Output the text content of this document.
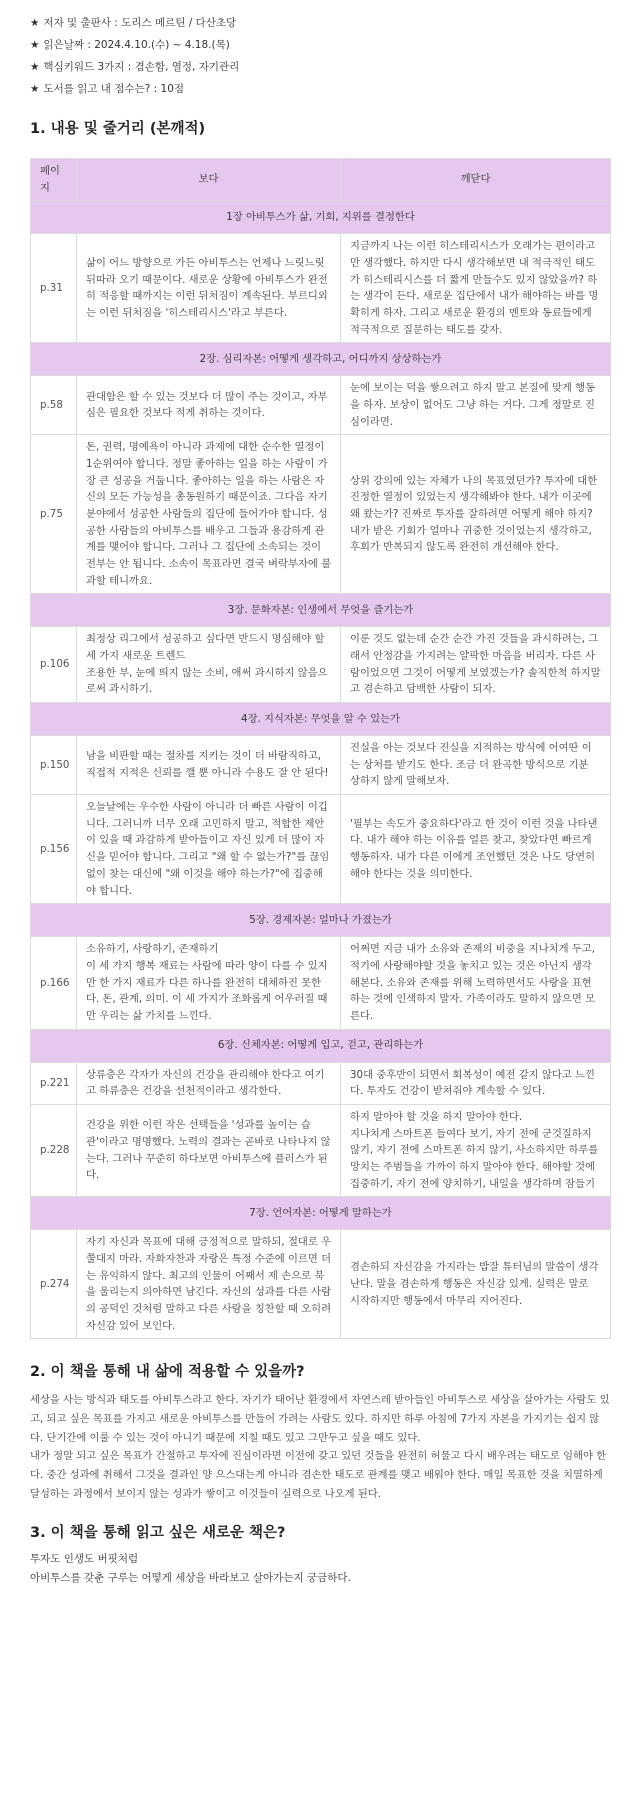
★ 저자 및 출판사 : 도리스 메르틴 / 다산초당
★ 읽은날짜 : 2024.4.10.(수) ~ 4.18.(목)
★ 핵심키워드 3가지 : 겸손함, 열정, 자기관리
★ 도서를 읽고 내 점수는? : 10점
1. 내용 및 줄거리 (본깨적)
페이지	보다	깨닫다
1장 아비투스가 삶, 기회, 지위를 결정한다		
p.31	삶이 어느 방향으로 가든 아비투스는 언제나 느릿느릿 뒤따라 오기 때문이다. 새로운 상황에 아비투스가 완전히 적응할 때까지는 이런 뒤처짐이 계속된다. 부르디외는 이런 뒤처짐을 '히스테리시스'라고 부른다.	지금까지 나는 이런 히스테리시스가 오래가는 편이라고만 생각했다. 하지만 다시 생각해보면 내 적극적인 태도가 히스테리시스를 더 짧게 만들수도 있지 않았을까? 하는 생각이 든다. 새로운 집단에서 내가 해야하는 바를 명확히게 하자. 그리고 새로운 환경의 멘토와 동료들에게 적극적으로 질문하는 태도를 갖자.
2장. 심리자본: 어떻게 생각하고, 어디까지 상상하는가		
p.58	관대함은 할 수 있는 것보다 더 많이 주는 것이고, 자부심은 필요한 것보다 적게 취하는 것이다.	눈에 보이는 덕을 쌓으려고 하지 말고 본질에 맞게 행동을 하자. 보상이 없어도 그냥 하는 거다. 그게 정말로 진심이라면.
p.75	돈, 권력, 명예욕이 아니라 과제에 대한 순수한 열정이 1순위여야 합니다. 정말 좋아하는 일을 하는 사람이 가장 큰 성공을 거둡니다. 좋아하는 일을 하는 사람은 자신의 모든 가능성을 총동원하기 때문이죠. 그다음 자기 분야에서 성공한 사람들의 집단에 들어가야 합니다. 성공한 사람들의 아비투스를 배우고 그들과 용감하게 관계를 맺어야 합니다. 그러나 그 집단에 소속되는 것이 전부는 안 됩니다. 소속이 목표라면 결국 벼락부자에 불과할 테니까요.	상위 강의에 있는 자체가 나의 목표였던가? 투자에 대한 진정한 열정이 있었는지 생각해봐야 한다. 내가 이곳에 왜 왔는가? 진짜로 투자를 잘하려면 어떻게 해야 하지? 내가 받은 기회가 얼마나 귀중한 것이었는지 생각하고, 후회가 반복되지 않도록 완전히 개선해야 한다.
3장. 문화자본: 인생에서 무엇을 즐기는가		
p.106	최정상 리그에서 성공하고 싶다면 반드시 명심해야 할 세 가지 새로운 트렌드
조용한 부, 눈에 띄지 않는 소비, 애써 과시하지 않음으로써 과시하기.	이룬 것도 없는데 순간 순간 가진 것들을 과시하려는, 그래서 안정감을 가지려는 얄팍한 마음을 버리자. 다른 사람이었으면 그것이 어떻게 보였겠는가? 솔직한척 하지말고 겸손하고 담백한 사람이 되자.
4장. 지식자본: 무엇을 알 수 있는가		
p.150	남을 비판할 때는 절차를 지키는 것이 더 바람직하고, 직접적 지적은 신뢰를 깰 뿐 아니라 수용도 잘 안 된다!	진실을 아는 것보다 진실을 지적하는 방식에 어여딴 이는 상처를 받기도 한다. 조금 더 완곡한 방식으로 기분 상하지 않게 말해보자.
p.156	오늘날에는 우수한 사람이 아니라 더 빠른 사람이 이깁니다. 그러니까 너무 오래 고민하지 말고, 적합한 제안이 있을 때 과감하게 받아들이고 자신 있게 더 많이 자신을 믿어야 합니다. 그리고 "왜 할 수 없는가?"를 끊임없이 찾는 대신에 "왜 이것을 해야 하는가?"에 집중해야 합니다.	'필부는 속도가 중요하다'라고 한 것이 이런 것을 나타낸다. 내가 해야 하는 이유를 얼른 찾고, 찾았다면 빠르게 행동하자. 내가 다른 이에게 조언했던 것은 나도 당연히 해야 한다는 것을 의미한다.
5장. 경제자본: 얼마나 가졌는가		
p.166	소유하기, 사랑하기, 존재하기
이 세 가지 행복 재료는 사람에 따라 양이 다를 수 있지만 한 가지 재료가 다른 하나를 완전히 대체하진 못한다. 돈, 관계, 의미. 이 세 가지가 조화롭게 어우러질 때만 우리는 삶 가치를 느낀다.	어쩌면 지금 내가 소유와 존재의 비중을 지나치게 두고, 적기에 사랑해야할 것을 놓치고 있는 것은 아닌지 생각해본다. 소유와 존재를 위해 노력하면서도 사랑을 표현하는 것에 인색하지 말자. 가족이라도 말하지 않으면 모른다.
6장. 신체자본: 어떻게 입고, 걷고, 관리하는가		
p.221	상류층은 각자가 자신의 건강을 관리해야 한다고 여기고 하류층은 건강을 선천적이라고 생각한다.	30대 중후반이 되면서 회복성이 예전 같지 않다고 느낀다. 투자도 건강이 받쳐줘야 계속할 수 있다.
p.228	건강을 위한 이런 작은 선택들을 '성과를 높이는 습관'이라고 명명했다. 노력의 결과는 곧바로 나타나지 않는다. 그러나 꾸준히 하다보면 아비투스에 플러스가 된다.	하지 말아야 할 것을 하지 말아야 한다.
지나치게 스마트폰 들여다 보기, 자기 전에 군것질하지 않기, 자기 전에 스마트폰 하지 않기, 사소하지만 하루를 망치는 주범들을 가까이 하지 말아야 한다. 해야할 것에 집중하기, 자기 전에 양치하기, 내일을 생각하며 잠들기
7장. 언어자본: 어떻게 말하는가		
p.274	자기 자신과 목표에 대해 긍정적으로 말하되, 절대로 우쭐대지 마라. 자화자찬과 자랑은 특정 수준에 이르면 더는 유익하지 않다. 최고의 인물이 어째서 제 손으로 북을 울리는지 의아하면 남긴다. 자신의 성과를 다른 사람의 공덕인 것처럼 말하고 다른 사람을 칭찬할 때 오히려 자신감 있어 보인다.	겸손하되 자신감을 가지라는 밥잘 튜터님의 말씀이 생각난다. 말을 겸손하게 행동은 자신감 있게. 실력은 말로 시작하지만 행동에서 마무리 지어진다.
2. 이 책을 통해 내 삶에 적용할 수 있을까?

세상을 사는 방식과 태도를 아비투스라고 한다. 자기가 태어난 환경에서 자연스레 받아들인 아비투스로 세상을 살아가는 사람도 있고, 되고 싶은 목표를 가지고 새로운 아비투스를 만들어 가려는 사람도 있다. 하지만 하루 아침에 7가지 자본을 가지기는 쉽지 않다. 단기간에 이룰 수 있는 것이 아니기 때문에 지칠 때도 있고 그만두고 싶을 때도 있다.

내가 정말 되고 싶은 목표가 간절하고 투자에 진심이라면 이전에 갖고 있던 것들을 완전히 허물고 다시 배우려는 태도로 임해야 한다. 중간 성과에 취해서 그것을 결과인 양 으스대는게 아니라 겸손한 태도로 관계를 맺고 배워야 한다. 매일 목표한 것을 치열하게 달성하는 과정에서 보이지 않는 성과가 쌓이고 이것들이 실력으로 나오게 된다.

3. 이 책을 통해 읽고 싶은 새로운 책은?
투자도 인생도 버핏처럼
아비투스를 갖춘 구루는 어떻게 세상을 바라보고 살아가는지 궁금하다.
